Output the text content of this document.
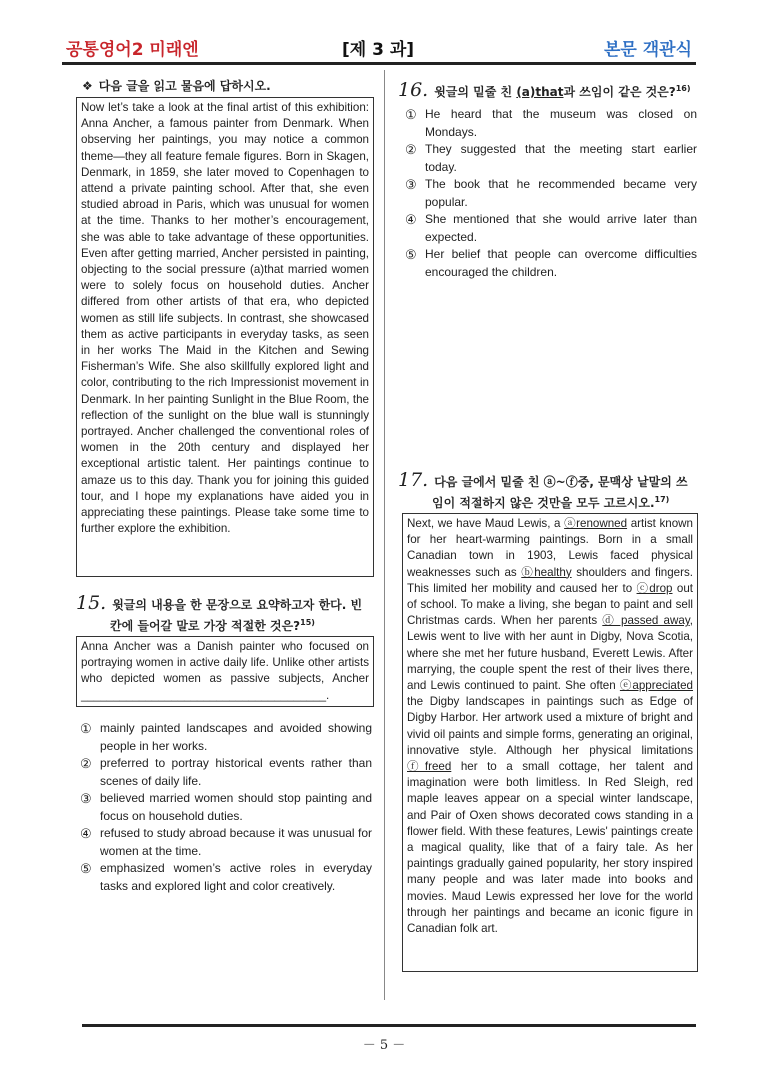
공통영어2 미래엔	[제 3 과]	본문 객관식
❖ 다음 글을 읽고 물음에 답하시오.
Now let’s take a look at the final artist of this exhibition: Anna Ancher, a famous painter from Denmark. When observing her paintings, you may notice a common theme—they all feature female figures. Born in Skagen, Denmark, in 1859, she later moved to Copenhagen to attend a private painting school. After that, she even studied abroad in Paris, which was unusual for women at the time. Thanks to her mother’s encouragement, she was able to take advantage of these opportunities. Even after getting married, Ancher persisted in painting, objecting to the social pressure (a)that married women were to solely focus on household duties. Ancher differed from other artists of that era, who depicted women as still life subjects. In contrast, she showcased them as active participants in everyday tasks, as seen in her works The Maid in the Kitchen and Sewing Fisherman’s Wife. She also skillfully explored light and color, contributing to the rich Impressionist movement in Denmark. In her painting Sunlight in the Blue Room, the reflection of the sunlight on the blue wall is stunningly portrayed. Ancher challenged the conventional roles of women in the 20th century and displayed her exceptional artistic talent. Her paintings continue to amaze us to this day. Thank you for joining this guided tour, and I hope my explanations have aided you in appreciating these paintings. Please take some time to further explore the exhibition.
15. 윗글의 내용을 한 문장으로 요약하고자 한다. 빈
칸에 들어갈 말로 가장 적절한 것은?$^{15)}$
Anna Ancher was a Danish painter who focused on portraying women in active daily life. Unlike other artists who depicted women as passive subjects, Ancher ______________________________________.
① mainly painted landscapes and avoided showing people in her works.
② preferred to portray historical events rather than scenes of daily life.
③ believed married women should stop painting and focus on household duties.
④ refused to study abroad because it was unusual for women at the time.
⑤ emphasized women’s active roles in everyday tasks and explored light and color creatively.
16. 윗글의 밑줄 친 (a)that과 쓰임이 같은 것은?$^{16)}$
① He heard that the museum was closed on Mondays.
② They suggested that the meeting start earlier today.
③ The book that he recommended became very popular.
④ She mentioned that she would arrive later than expected.
⑤ Her belief that people can overcome difficulties encouraged the children.
17. 다음 글에서 밑줄 친 ⓐ~ⓕ중, 문맥상 낱말의 쓰
임이 적절하지 않은 것만을 모두 고르시오.$^{17)}$
Next, we have Maud Lewis, a ⓐrenowned artist known for her heart-warming paintings. Born in a small Canadian town in 1903, Lewis faced physical weaknesses such as ⓑhealthy shoulders and fingers. This limited her mobility and caused her to ⓒdrop out of school. To make a living, she began to paint and sell Christmas cards. When her parents ⓓ passed away, Lewis went to live with her aunt in Digby, Nova Scotia, where she met her future husband, Everett Lewis. After marrying, the couple spent the rest of their lives there, and Lewis continued to paint. She often ⓔappreciated the Digby landscapes in paintings such as Edge of Digby Harbor. Her artwork used a mixture of bright and vivid oil paints and simple forms, generating an original, innovative style. Although her physical limitations ⓕfreed her to a small cottage, her talent and imagination were both limitless. In Red Sleigh, red maple leaves appear on a special winter landscape, and Pair of Oxen shows decorated cows standing in a flower field. With these features, Lewis' paintings create a magical quality, like that of a fairy tale. As her paintings gradually gained popularity, her story inspired many people and was later made into books and movies. Maud Lewis expressed her love for the world through her paintings and became an iconic figure in Canadian folk art.
－ 5 －
